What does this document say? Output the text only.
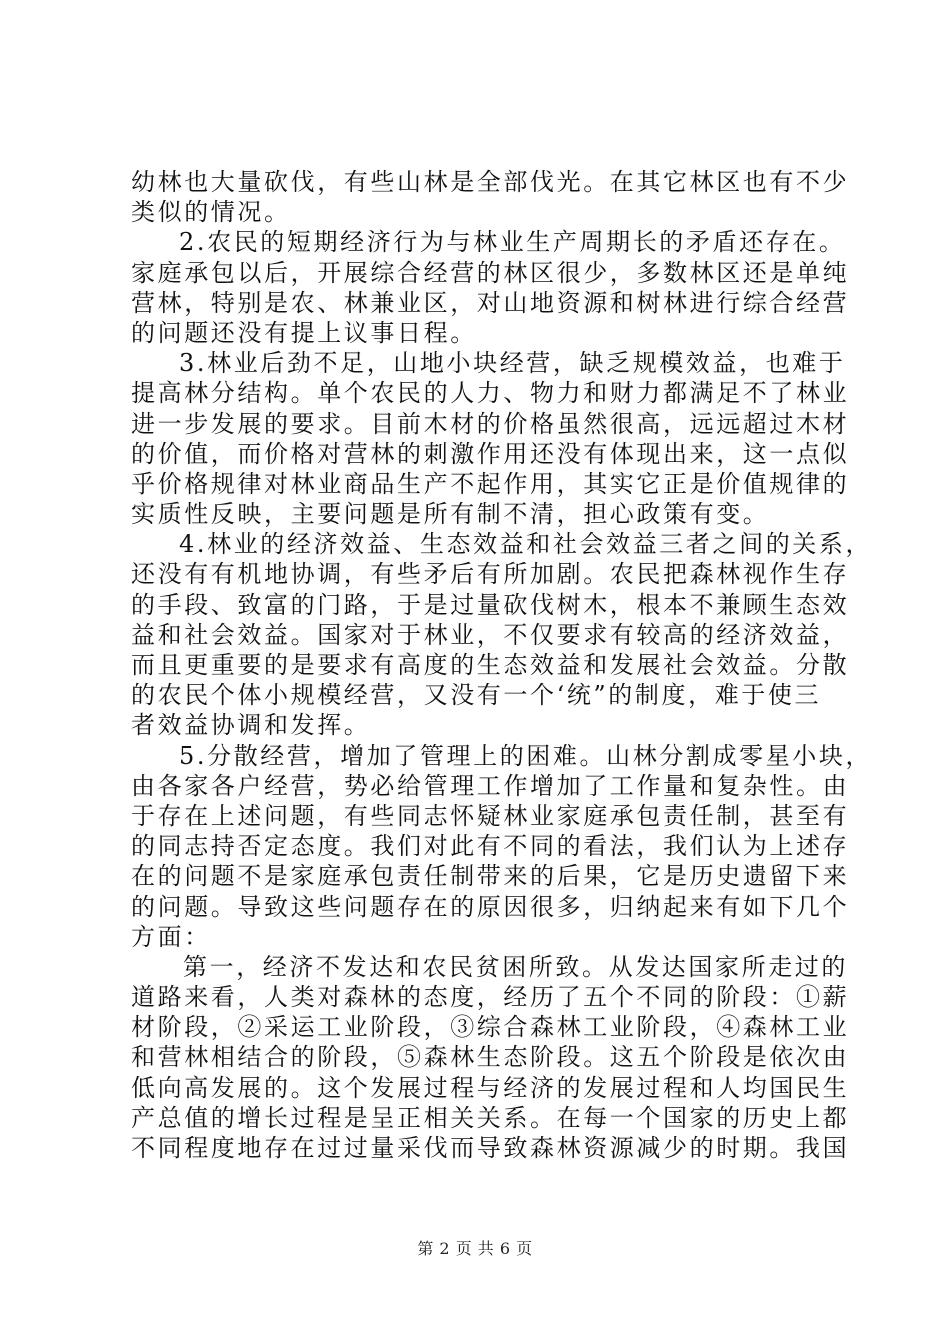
幼林也大量砍伐，有些山林是全部伐光。在其它林区也有不少
类似的情况。
2.农民的短期经济行为与林业生产周期长的矛盾还存在。
家庭承包以后，开展综合经营的林区很少，多数林区还是单纯
营林，特别是农、林兼业区，对山地资源和树林进行综合经营
的问题还没有提上议事日程。
3.林业后劲不足，山地小块经营，缺乏规模效益，也难于
提高林分结构。单个农民的人力、物力和财力都满足不了林业
进一步发展的要求。目前木材的价格虽然很高，远远超过木材
的价值，而价格对营林的刺激作用还没有体现出来，这一点似
乎价格规律对林业商品生产不起作用，其实它正是价值规律的
实质性反映，主要问题是所有制不清，担心政策有变。
4.林业的经济效益、生态效益和社会效益三者之间的关系，
还没有有机地协调，有些矛后有所加剧。农民把森林视作生存
的手段、致富的门路，于是过量砍伐树木，根本不兼顾生态效
益和社会效益。国家对于林业，不仅要求有较高的经济效益，
而且更重要的是要求有高度的生态效益和发展社会效益。分散
的农民个体小规模经营，又没有一个‘统”的制度，难于使三
者效益协调和发挥。
5.分散经营，增加了管理上的困难。山林分割成零星小块，
由各家各户经营，势必给管理工作增加了工作量和复杂性。由
于存在上述问题，有些同志怀疑林业家庭承包责任制，甚至有
的同志持否定态度。我们对此有不同的看法，我们认为上述存
在的问题不是家庭承包责任制带来的后果，它是历史遗留下来
的问题。导致这些问题存在的原因很多，归纳起来有如下几个
方面：
第一，经济不发达和农民贫困所致。从发达国家所走过的
道路来看，人类对森林的态度，经历了五个不同的阶段：①薪
材阶段，②采运工业阶段，③综合森林工业阶段，④森林工业
和营林相结合的阶段，⑤森林生态阶段。这五个阶段是依次由
低向高发展的。这个发展过程与经济的发展过程和人均国民生
产总值的增长过程是呈正相关关系。在每一个国家的历史上都
不同程度地存在过过量采伐而导致森林资源减少的时期。我国
第 2 页 共 6 页
